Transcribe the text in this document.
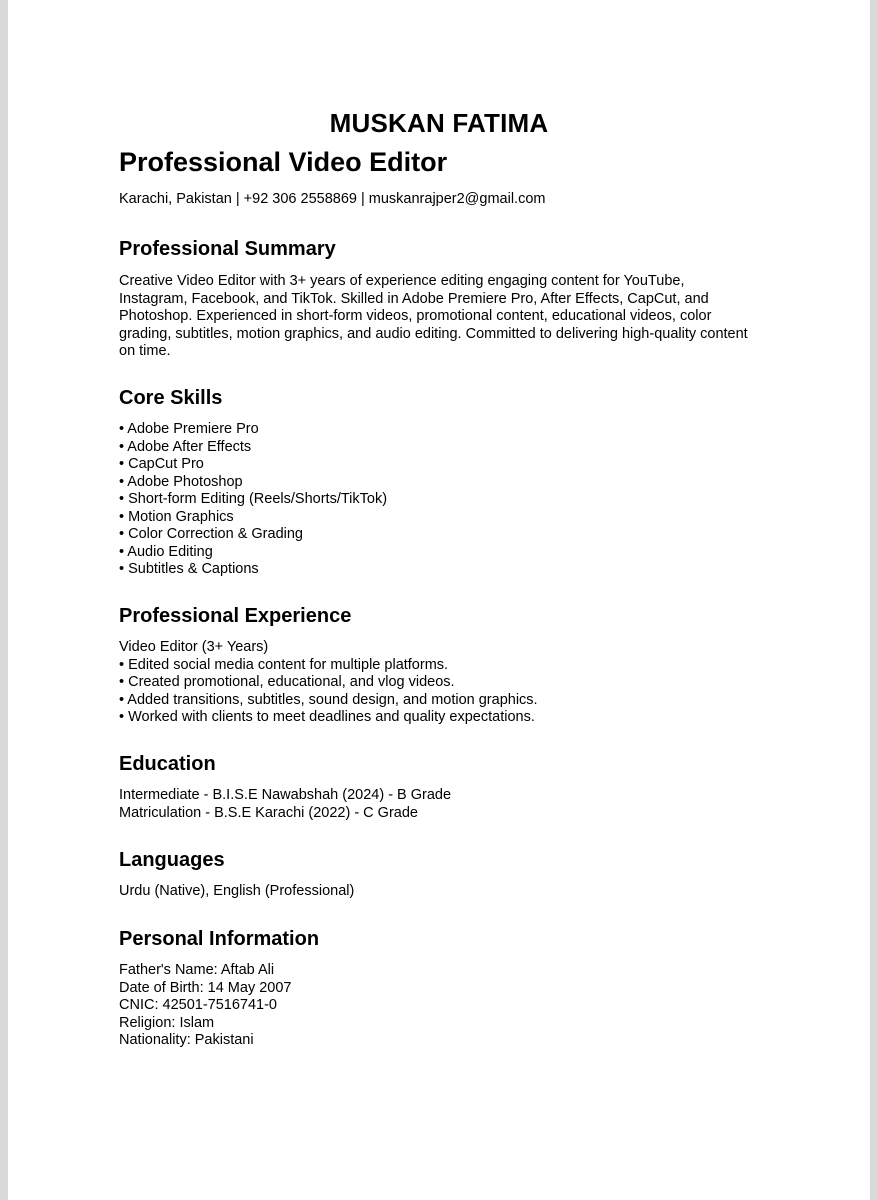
MUSKAN FATIMA
Professional Video Editor

Karachi, Pakistan | +92 306 2558869 | muskanrajper2@gmail.com

Professional Summary
Creative Video Editor with 3+ years of experience editing engaging content for YouTube,
Instagram, Facebook, and TikTok. Skilled in Adobe Premiere Pro, After Effects, CapCut, and
Photoshop. Experienced in short-form videos, promotional content, educational videos, color
grading, subtitles, motion graphics, and audio editing. Committed to delivering high-quality content
on time.
Core Skills
• Adobe Premiere Pro
• Adobe After Effects
• CapCut Pro
• Adobe Photoshop
• Short-form Editing (Reels/Shorts/TikTok)
• Motion Graphics
• Color Correction & Grading
• Audio Editing
• Subtitles & Captions
Professional Experience
Video Editor (3+ Years)
• Edited social media content for multiple platforms.
• Created promotional, educational, and vlog videos.
• Added transitions, subtitles, sound design, and motion graphics.
• Worked with clients to meet deadlines and quality expectations.
Education
Intermediate - B.I.S.E Nawabshah (2024) - B Grade
Matriculation - B.S.E Karachi (2022) - C Grade
Languages
Urdu (Native), English (Professional)
Personal Information
Father's Name: Aftab Ali
Date of Birth: 14 May 2007
CNIC: 42501-7516741-0
Religion: Islam
Nationality: Pakistani
